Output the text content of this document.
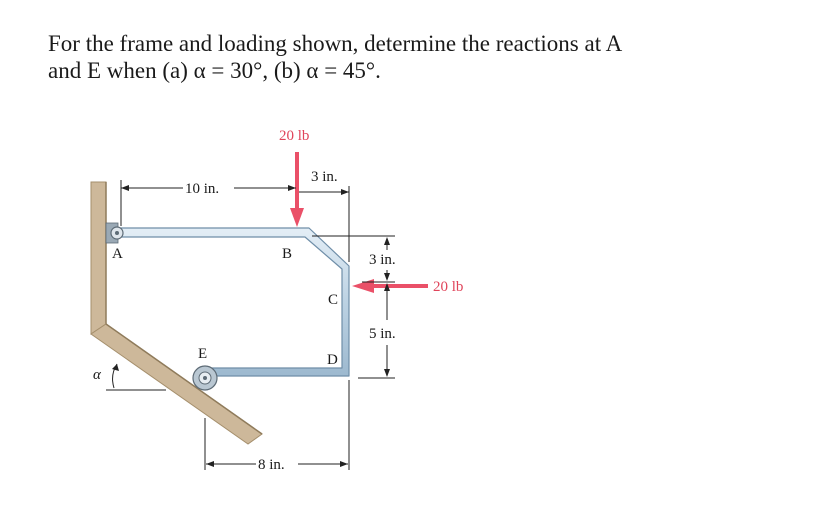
For the frame and loading shown, determine the reactions at A
and E when (a) α = 30°, (b) α = 45°.
20 lb
20 lb
10 in.
3 in.
3 in.
5 in.
8 in.
α
A	B
C
D
E
